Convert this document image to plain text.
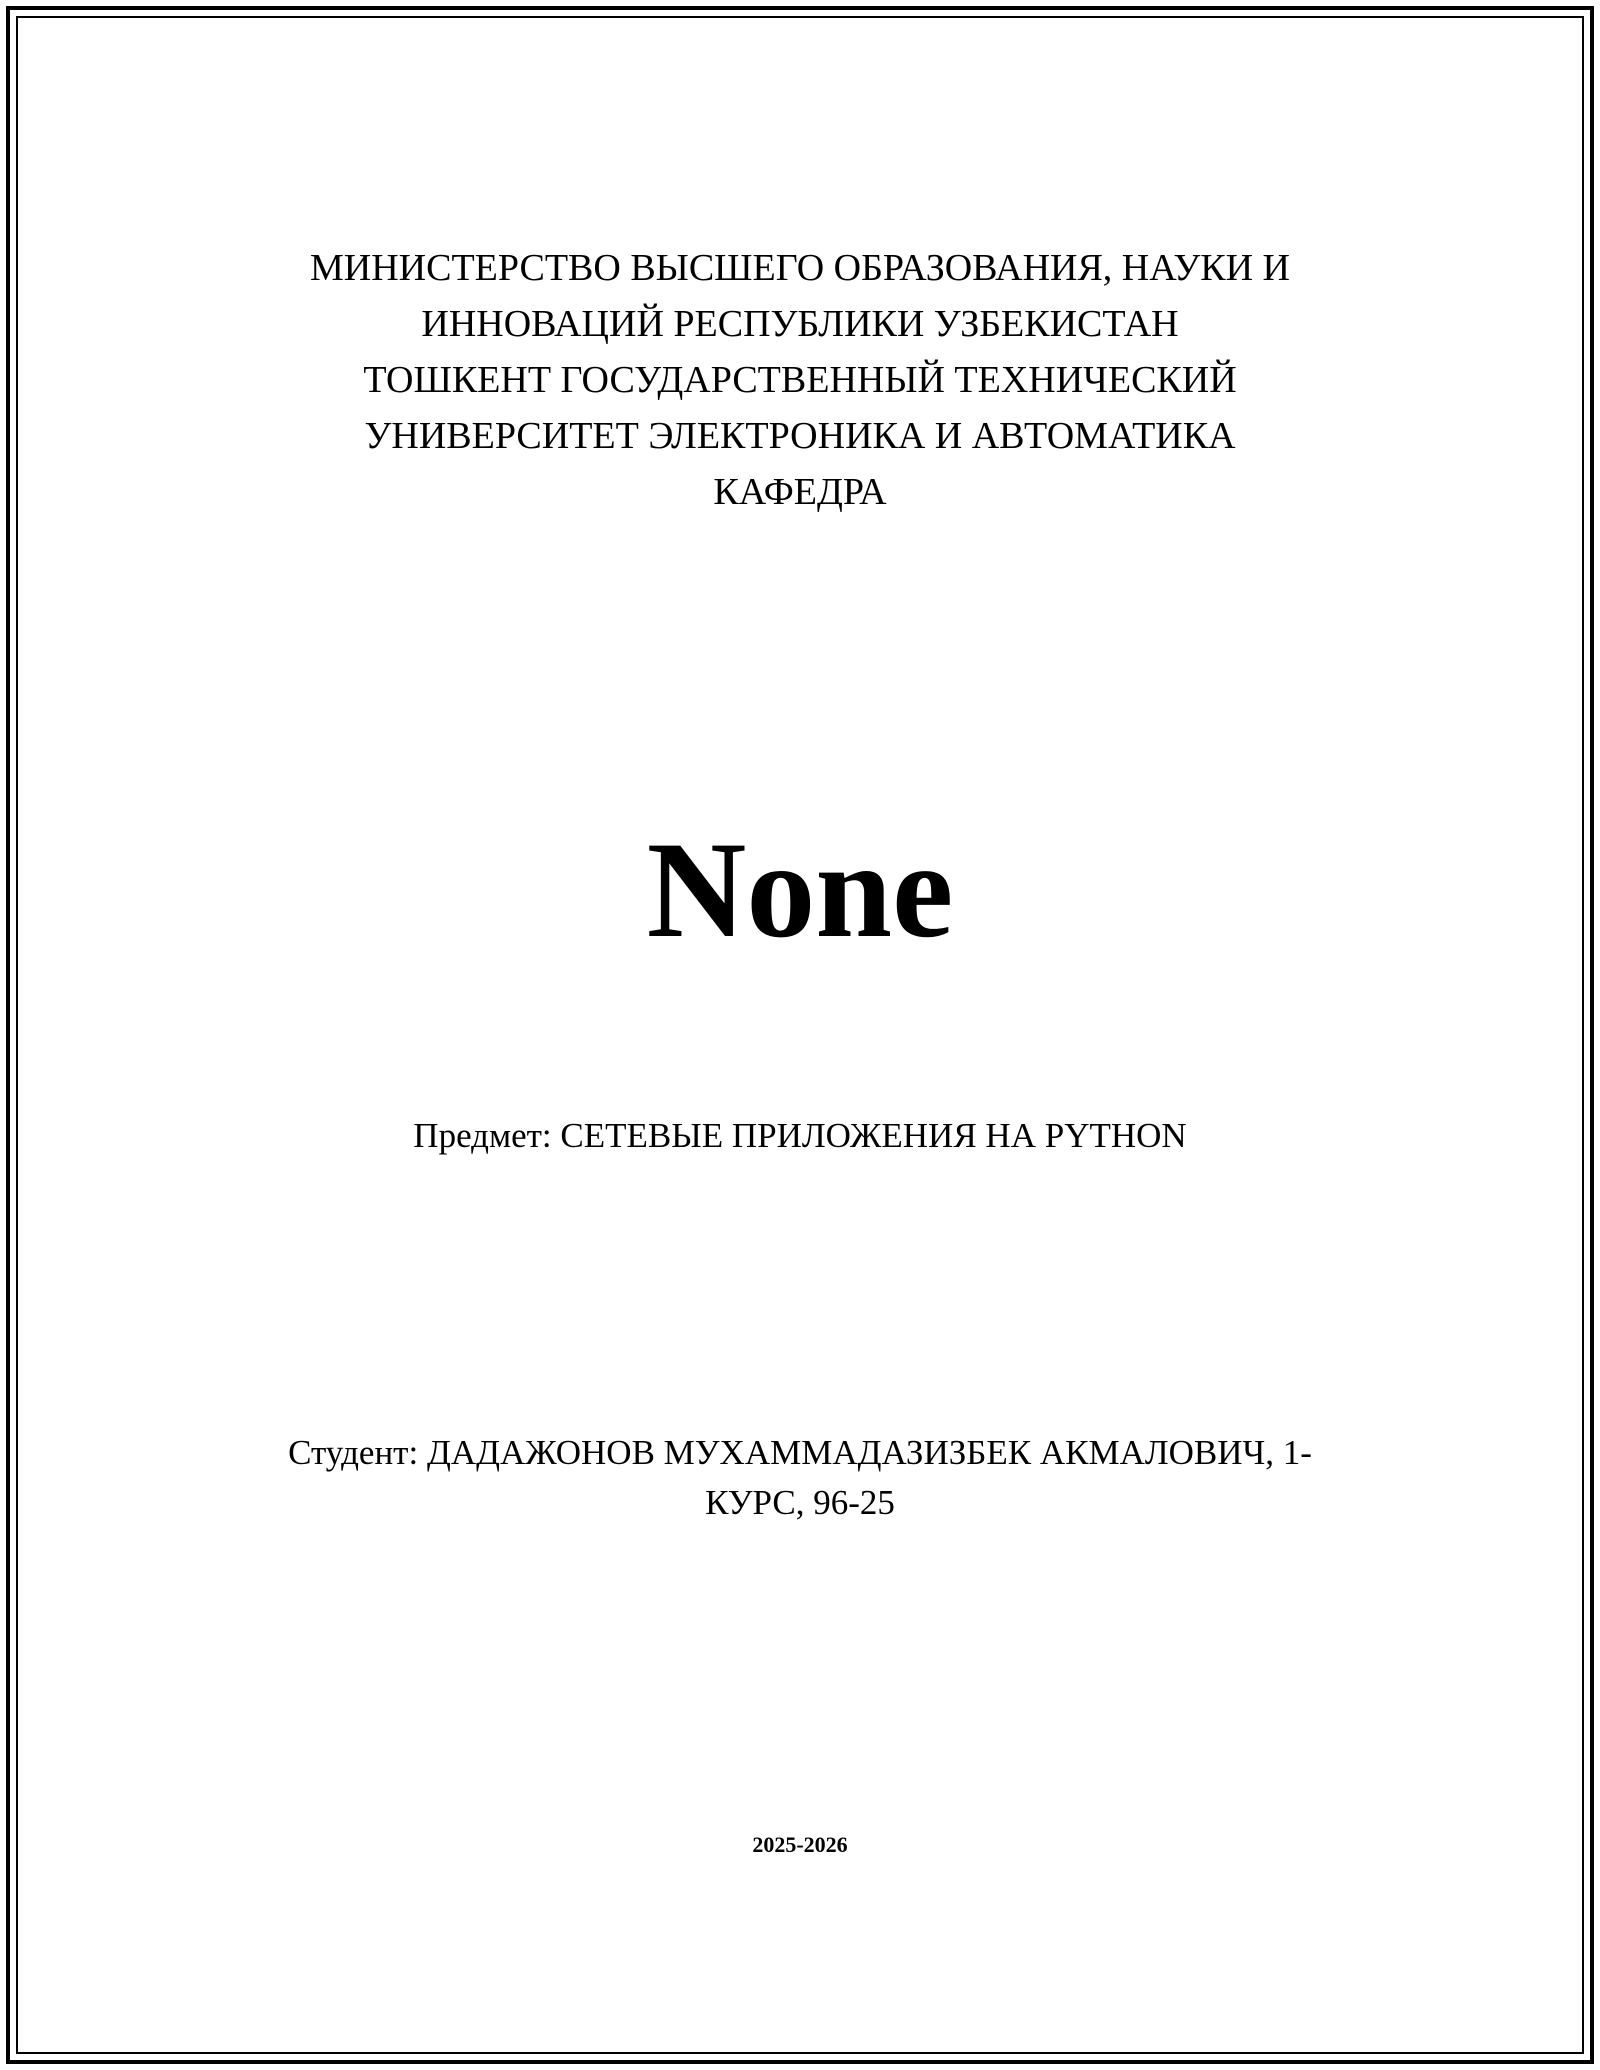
МИНИСТЕРСТВО ВЫСШЕГО ОБРАЗОВАНИЯ, НАУКИ И
ИННОВАЦИЙ РЕСПУБЛИКИ УЗБЕКИСТАН
ТОШКЕНТ ГОСУДАРСТВЕННЫЙ ТЕХНИЧЕСКИЙ
УНИВЕРСИТЕТ ЭЛЕКТРОНИКА И АВТОМАТИКА
КАФЕДРА
None
Предмет: СЕТЕВЫЕ ПРИЛОЖЕНИЯ НА PYTHON
Студент: ДАДАЖОНОВ МУХАММАДАЗИЗБЕК АКМАЛОВИЧ, 1-
КУРС, 96-25
2025-2026
